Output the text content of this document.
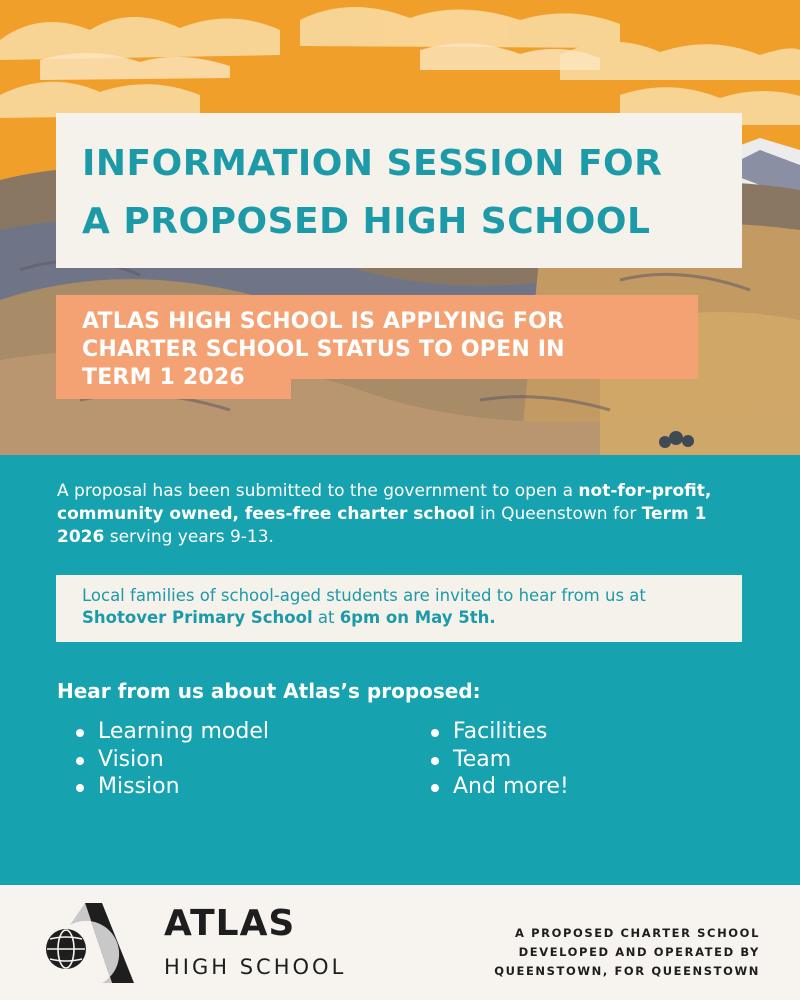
INFORMATION SESSION FOR
A PROPOSED HIGH SCHOOL
ATLAS HIGH SCHOOL IS APPLYING FOR
CHARTER SCHOOL STATUS TO OPEN IN
TERM 1 2026
A proposal has been submitted to the government to open a not-for-profit, community owned, fees-free charter school in Queenstown for Term 1 2026 serving years 9-13.
Local families of school-aged students are invited to hear from us at Shotover Primary School at 6pm on May 5th.
Hear from us about Atlas’s proposed:
Learning model
Vision
Mission
Facilities
Team
And more!
ATLAS
HIGH SCHOOL
A PROPOSED CHARTER SCHOOL
DEVELOPED AND OPERATED BY
QUEENSTOWN, FOR QUEENSTOWN
